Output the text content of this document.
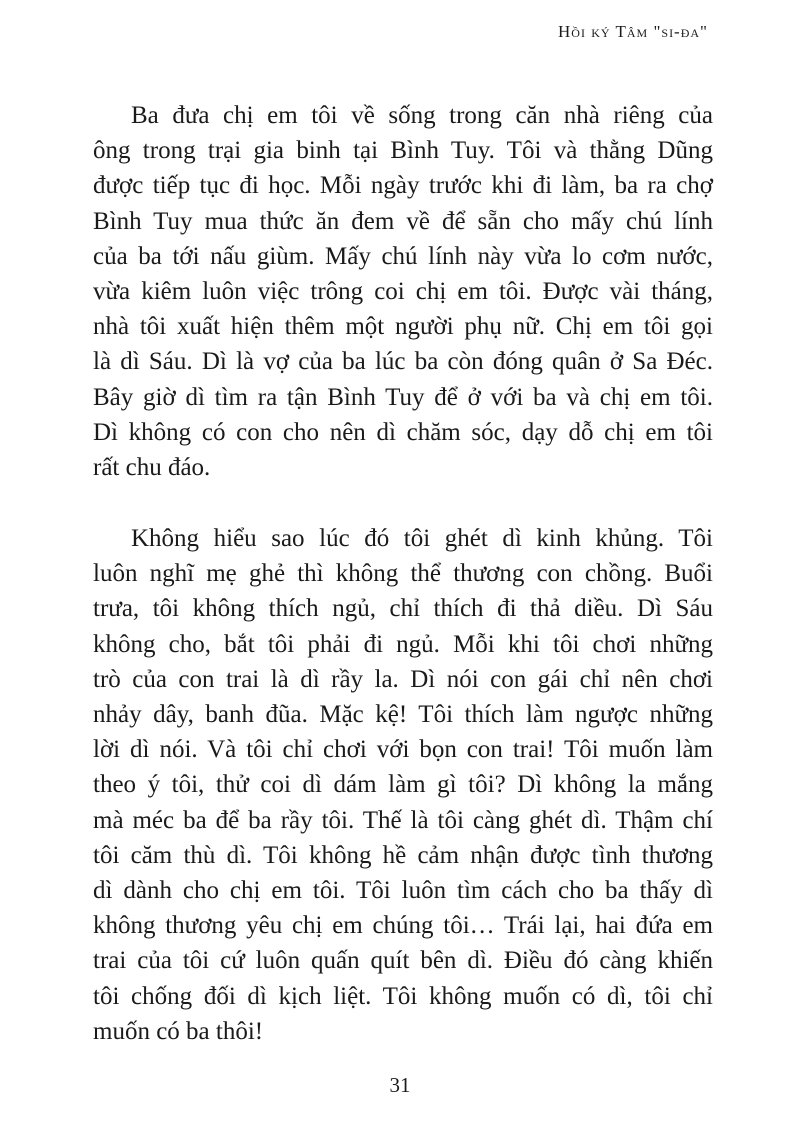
Hồi ký Tâm "si-đa"
Ba đưa chị em tôi về sống trong căn nhà riêng của
ông trong trại gia binh tại Bình Tuy. Tôi và thằng Dũng
được tiếp tục đi học. Mỗi ngày trước khi đi làm, ba ra chợ
Bình Tuy mua thức ăn đem về để sẵn cho mấy chú lính
của ba tới nấu giùm. Mấy chú lính này vừa lo cơm nước,
vừa kiêm luôn việc trông coi chị em tôi. Được vài tháng,
nhà tôi xuất hiện thêm một người phụ nữ. Chị em tôi gọi
là dì Sáu. Dì là vợ của ba lúc ba còn đóng quân ở Sa Đéc.
Bây giờ dì tìm ra tận Bình Tuy để ở với ba và chị em tôi.
Dì không có con cho nên dì chăm sóc, dạy dỗ chị em tôi
rất chu đáo.
Không hiểu sao lúc đó tôi ghét dì kinh khủng. Tôi
luôn nghĩ mẹ ghẻ thì không thể thương con chồng. Buổi
trưa, tôi không thích ngủ, chỉ thích đi thả diều. Dì Sáu
không cho, bắt tôi phải đi ngủ. Mỗi khi tôi chơi những
trò của con trai là dì rầy la. Dì nói con gái chỉ nên chơi
nhảy dây, banh đũa. Mặc kệ! Tôi thích làm ngược những
lời dì nói. Và tôi chỉ chơi với bọn con trai! Tôi muốn làm
theo ý tôi, thử coi dì dám làm gì tôi? Dì không la mắng
mà méc ba để ba rầy tôi. Thế là tôi càng ghét dì. Thậm chí
tôi căm thù dì. Tôi không hề cảm nhận được tình thương
dì dành cho chị em tôi. Tôi luôn tìm cách cho ba thấy dì
không thương yêu chị em chúng tôi… Trái lại, hai đứa em
trai của tôi cứ luôn quấn quít bên dì. Điều đó càng khiến
tôi chống đối dì kịch liệt. Tôi không muốn có dì, tôi chỉ
muốn có ba thôi!
31
